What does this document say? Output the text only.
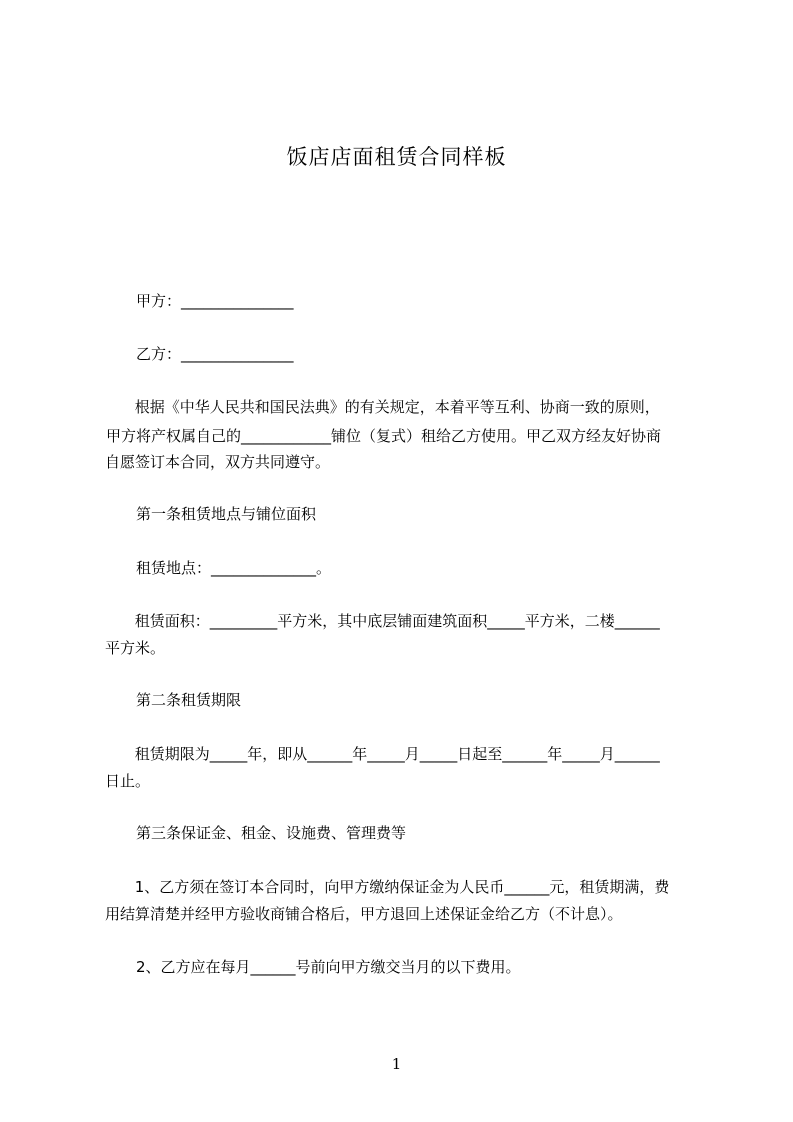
饭店店面租赁合同样板
甲方：_______________
乙方：_______________
根据《中华人民共和国民法典》的有关规定，本着平等互利、协商一致的原则，
甲方将产权属自己的____________铺位（复式）租给乙方使用。甲乙双方经友好协商
自愿签订本合同，双方共同遵守。
第一条租赁地点与铺位面积
租赁地点：______________。
租赁面积：_________平方米，其中底层铺面建筑面积_____平方米，二楼______
平方米。
第二条租赁期限
租赁期限为_____年，即从______年_____月_____日起至______年_____月______
日止。
第三条保证金、租金、设施费、管理费等
1、乙方须在签订本合同时，向甲方缴纳保证金为人民币______元，租赁期满，费
用结算清楚并经甲方验收商铺合格后，甲方退回上述保证金给乙方（不计息）。
2、乙方应在每月______号前向甲方缴交当月的以下费用。
1
